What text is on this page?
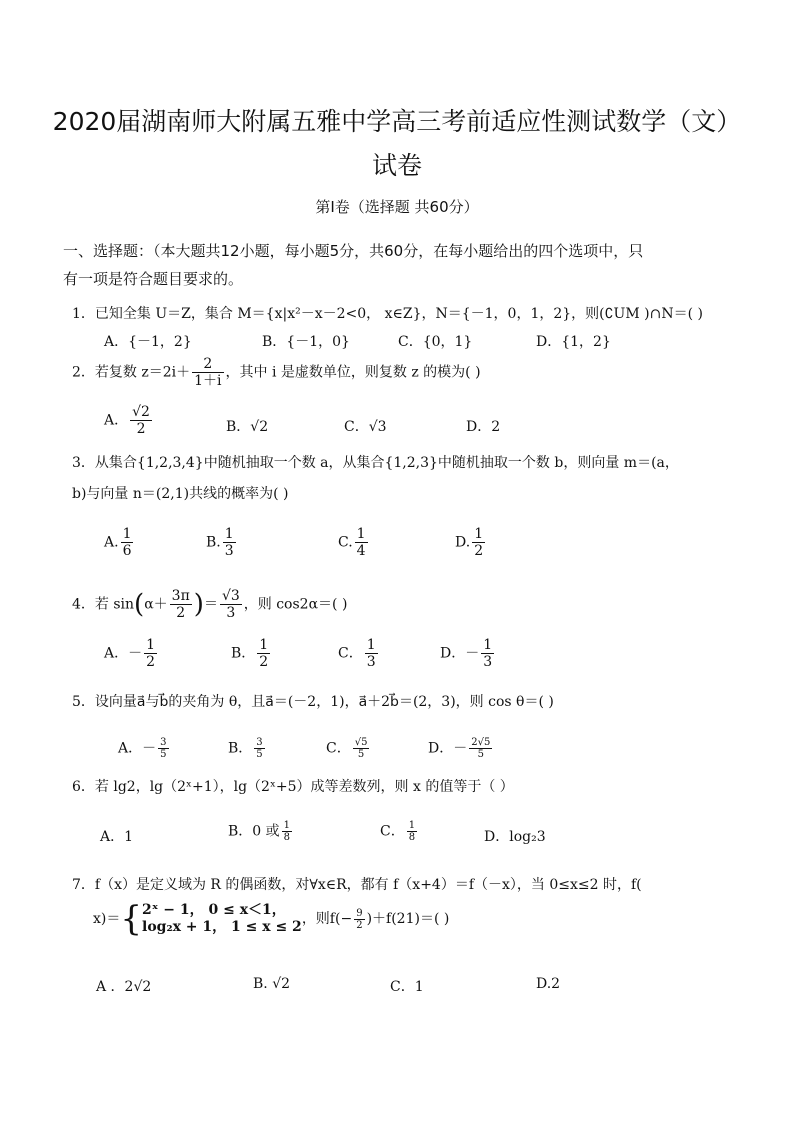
2020届湖南师大附属五雅中学高三考前适应性测试数学（文）
试卷
第Ⅰ卷（选择题 共60分）
一、选择题：（本大题共12小题，每小题5分，共60分，在每小题给出的四个选项中，只
有一项是符合题目要求的。
1．已知全集 U＝Z，集合 M＝{x|x²－x－2<0， x∈Z}，N＝{－1，0，1，2}，则(∁UM )∩N＝( )
A．{－1，2}	B．{－1，0}	C．{0，1}	D．{1，2}
2．若复数 $z=2i+ \frac{2}{1+i}$ ，其中 i 是虚数单位，则复数 z 的模为( )
A． $\frac{√2}{2}$	B．√2	C．√3	D．2
3．从集合{1,2,3,4}中随机抽取一个数 a，从集合{1,2,3}中随机抽取一个数 b，则向量 m＝(a，
b)与向量 n＝(2,1)共线的概率为( )
A. $\frac{1}{6}$	B. $\frac{1}{3}$	C. $\frac{1}{4}$	D. $\frac{1}{2}$
4．若 $\sin(\alpha+ \frac{3\pi}{2}$ )＝ $\frac{√3}{3}$ ，则 cos2α＝( )
A．－ $\frac{1}{2}$	B． $\frac{1}{2}$	C． $\frac{1}{3}$	D．－ $\frac{1}{3}$
5．设向量a⃗与b⃗的夹角为 θ，且a⃗＝(－2，1)，a⃗＋2b⃗＝(2，3)，则 cos θ＝( )
A．－ $\frac{3}{5}$	B． $\frac{3}{5}$	C． $\frac{√5}{5}$	D．－ $\frac{2√5}{5}$
6．若 lg2，lg（2ˣ+1），lg（2ˣ+5）成等差数列，则 x 的值等于（ ）
A．1	B．0 或 $\frac{1}{8}$	C． $\frac{1}{8}$	D．log₂3
7．f（x）是定义域为 R 的偶函数，对∀x∈R，都有 f（x+4）＝f（－x），当 0≤x≤2 时，f(
x)＝{ 2ˣ − 1， 0 ≤ x＜1，
log₂x + 1， 1 ≤ x ≤ 2 ，则$f(- \frac{9}{2} )+f(21)=$( )
A ．2√2	B. √2	C．1	D.2
